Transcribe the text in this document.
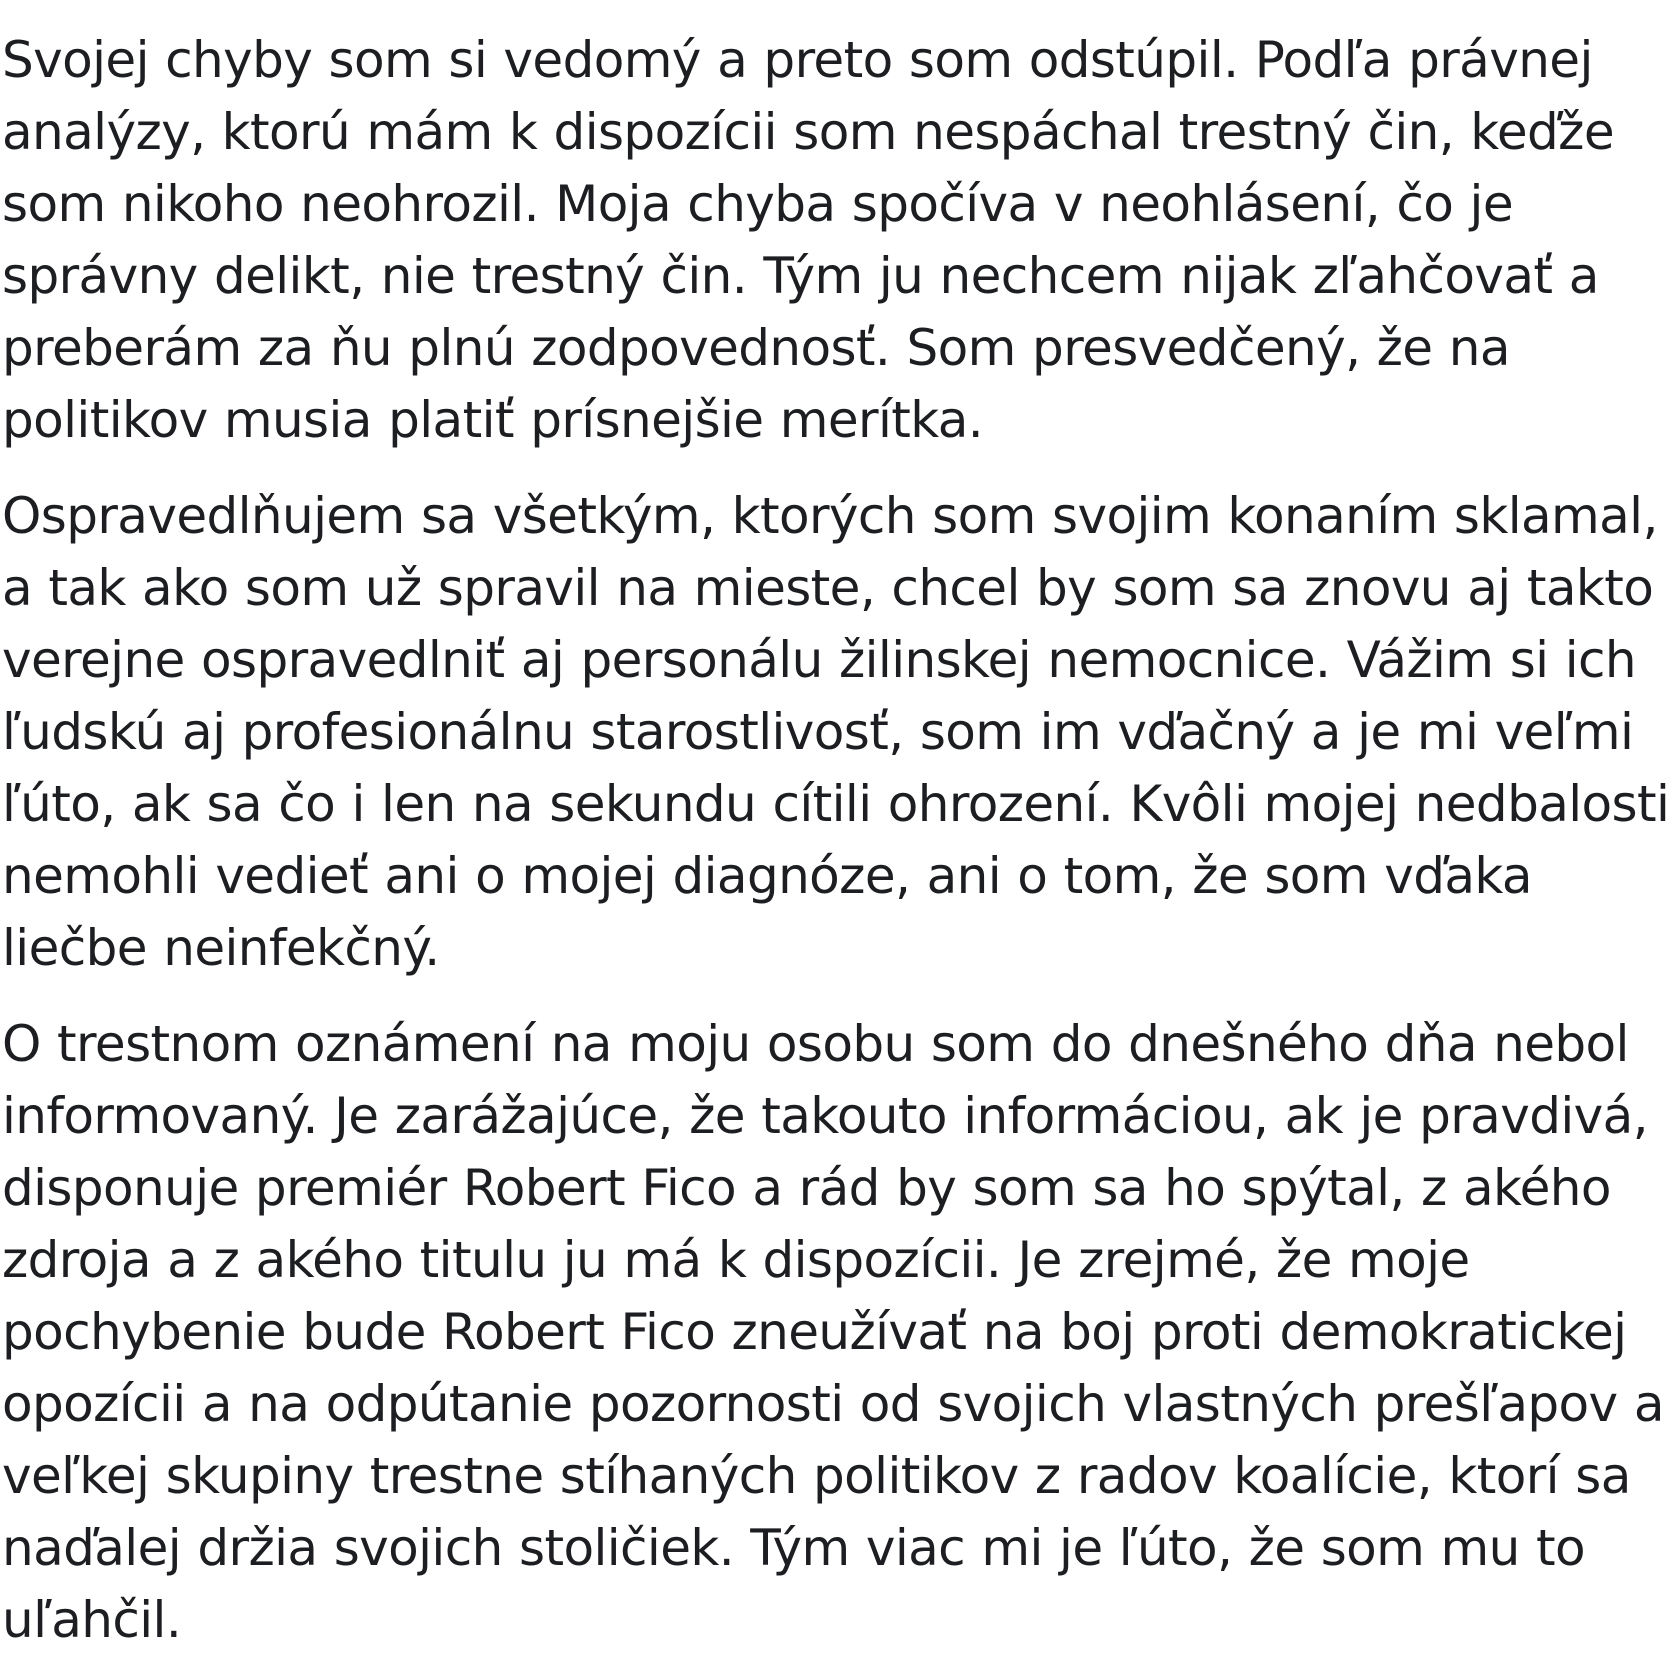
Svojej chyby som si vedomý a preto som odstúpil. Podľa právnej analýzy, ktorú mám k dispozícii som nespáchal trestný čin, keďže som nikoho neohrozil. Moja chyba spočíva v neohlásení, čo je správny delikt, nie trestný čin. Tým ju nechcem nijak zľahčovať a preberám za ňu plnú zodpovednosť. Som presvedčený, že na politikov musia platiť prísnejšie merítka.

Ospravedlňujem sa všetkým, ktorých som svojim konaním sklamal, a tak ako som už spravil na mieste, chcel by som sa znovu aj takto verejne ospravedlniť aj personálu žilinskej nemocnice. Vážim si ich ľudskú aj profesionálnu starostlivosť, som im vďačný a je mi veľmi ľúto, ak sa čo i len na sekundu cítili ohrození. Kvôli mojej nedbalosti nemohli vedieť ani o mojej diagnóze, ani o tom, že som vďaka liečbe neinfekčný.

O trestnom oznámení na moju osobu som do dnešného dňa nebol informovaný. Je zarážajúce, že takouto informáciou, ak je pravdivá, disponuje premiér Robert Fico a rád by som sa ho spýtal, z akého zdroja a z akého titulu ju má k dispozícii. Je zrejmé, že moje pochybenie bude Robert Fico zneužívať na boj proti demokratickej opozícii a na odpútanie pozornosti od svojich vlastných prešľapov a veľkej skupiny trestne stíhaných politikov z radov koalície, ktorí sa naďalej držia svojich stoličiek. Tým viac mi je ľúto, že som mu to uľahčil.
